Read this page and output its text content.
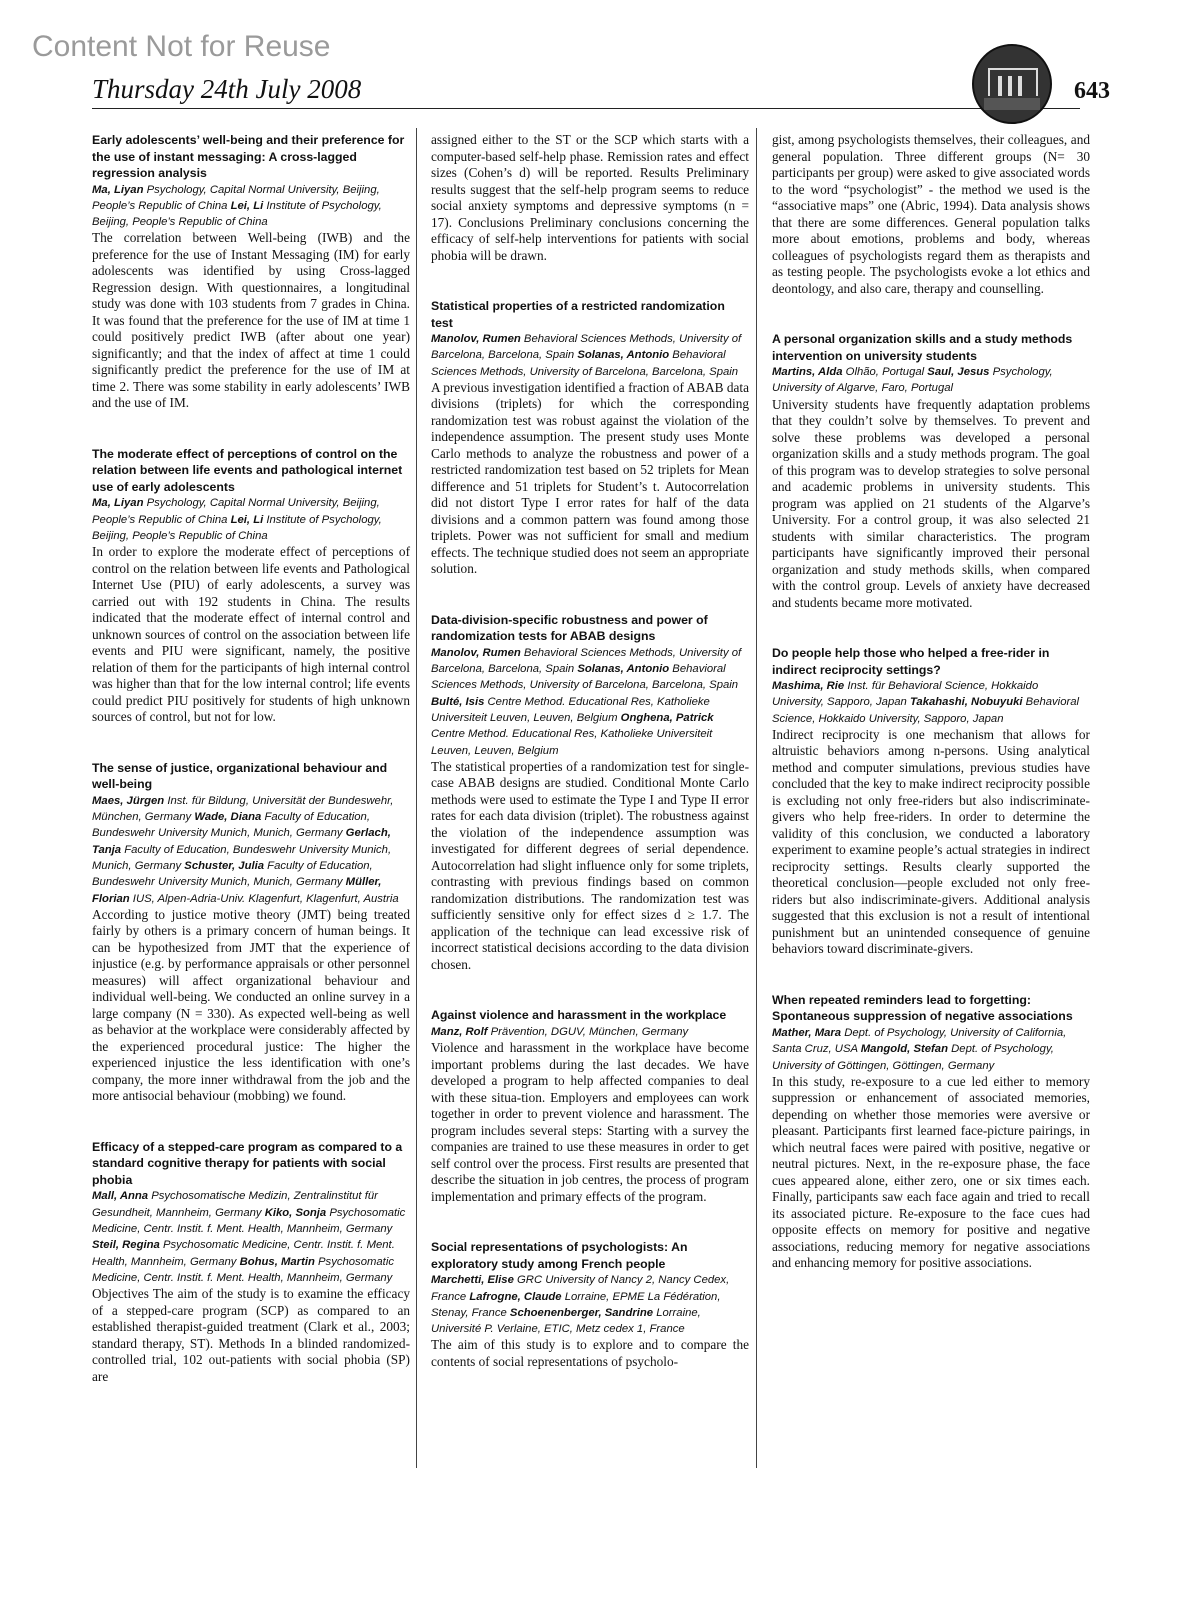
Content Not for Reuse
Thursday 24th July 2008	643

Early adolescents’ well-being and their preference for the use of instant messaging: A cross-lagged regression analysis

Ma, Liyan Psychology, Capital Normal University, Beijing, People’s Republic of China Lei, Li Institute of Psychology, Beijing, People’s Republic of China

The correlation between Well-being (IWB) and the preference for the use of Instant Messaging (IM) for early adolescents was identified by using Cross-lagged Regression design. With questionnaires, a longitudinal study was done with 103 students from 7 grades in China. It was found that the preference for the use of IM at time 1 could positively predict IWB (after about one year) significantly; and that the index of affect at time 1 could significantly predict the preference for the use of IM at time 2. There was some stability in early adolescents’ IWB and the use of IM.

The moderate effect of perceptions of control on the relation between life events and pathological internet use of early adolescents

Ma, Liyan Psychology, Capital Normal University, Beijing, People’s Republic of China Lei, Li Institute of Psychology, Beijing, People’s Republic of China

In order to explore the moderate effect of perceptions of control on the relation between life events and Pathological Internet Use (PIU) of early adolescents, a survey was carried out with 192 students in China. The results indicated that the moderate effect of internal control and unknown sources of control on the association between life events and PIU were significant, namely, the positive relation of them for the participants of high internal control was higher than that for the low internal control; life events could predict PIU positively for students of high unknown sources of control, but not for low.

The sense of justice, organizational behaviour and well-being

Maes, Jürgen Inst. für Bildung, Universität der Bundeswehr, München, Germany Wade, Diana Faculty of Education, Bundeswehr University Munich, Munich, Germany Gerlach, Tanja Faculty of Education, Bundeswehr University Munich, Munich, Germany Schuster, Julia Faculty of Education, Bundeswehr University Munich, Munich, Germany Müller, Florian IUS, Alpen-Adria-Univ. Klagenfurt, Klagenfurt, Austria

According to justice motive theory (JMT) being treated fairly by others is a primary concern of human beings. It can be hypothesized from JMT that the experience of injustice (e.g. by performance appraisals or other personnel measures) will affect organizational behaviour and individual well-being. We conducted an online survey in a large company (N = 330). As expected well-being as well as behavior at the workplace were considerably affected by the experienced procedural justice: The higher the experienced injustice the less identification with one’s company, the more inner withdrawal from the job and the more antisocial behaviour (mobbing) we found.

Efficacy of a stepped-care program as compared to a standard cognitive therapy for patients with social phobia

Mall, Anna Psychosomatische Medizin, Zentralinstitut für Gesundheit, Mannheim, Germany Kiko, Sonja Psychosomatic Medicine, Centr. Instit. f. Ment. Health, Mannheim, Germany Steil, Regina Psychosomatic Medicine, Centr. Instit. f. Ment. Health, Mannheim, Germany Bohus, Martin Psychosomatic Medicine, Centr. Instit. f. Ment. Health, Mannheim, Germany

Objectives The aim of the study is to examine the efficacy of a stepped-care program (SCP) as compared to an established therapist-guided treatment (Clark et al., 2003; standard therapy, ST). Methods In a blinded randomized-controlled trial, 102 out-patients with social phobia (SP) are

assigned either to the ST or the SCP which starts with a computer-based self-help phase. Remission rates and effect sizes (Cohen’s d) will be reported. Results Preliminary results suggest that the self-help program seems to reduce social anxiety symptoms and depressive symptoms (n = 17). Conclusions Preliminary conclusions concerning the efficacy of self-help interventions for patients with social phobia will be drawn.

Statistical properties of a restricted randomization test

Manolov, Rumen Behavioral Sciences Methods, University of Barcelona, Barcelona, Spain Solanas, Antonio Behavioral Sciences Methods, University of Barcelona, Barcelona, Spain

A previous investigation identified a fraction of ABAB data divisions (triplets) for which the corresponding randomization test was robust against the violation of the independence assumption. The present study uses Monte Carlo methods to analyze the robustness and power of a restricted randomization test based on 52 triplets for Mean difference and 51 triplets for Student’s t. Autocorrelation did not distort Type I error rates for half of the data divisions and a common pattern was found among those triplets. Power was not sufficient for small and medium effects. The technique studied does not seem an appropriate solution.

Data-division-specific robustness and power of randomization tests for ABAB designs

Manolov, Rumen Behavioral Sciences Methods, University of Barcelona, Barcelona, Spain Solanas, Antonio Behavioral Sciences Methods, University of Barcelona, Barcelona, Spain Bulté, Isis Centre Method. Educational Res, Katholieke Universiteit Leuven, Leuven, Belgium Onghena, Patrick Centre Method. Educational Res, Katholieke Universiteit Leuven, Leuven, Belgium

The statistical properties of a randomization test for single-case ABAB designs are studied. Conditional Monte Carlo methods were used to estimate the Type I and Type II error rates for each data division (triplet). The robustness against the violation of the independence assumption was investigated for different degrees of serial dependence. Autocorrelation had slight influence only for some triplets, contrasting with previous findings based on common randomization distributions. The randomization test was sufficiently sensitive only for effect sizes d ≥ 1.7. The application of the technique can lead excessive risk of incorrect statistical decisions according to the data division chosen.

Against violence and harassment in the workplace

Manz, Rolf Prävention, DGUV, München, Germany

Violence and harassment in the workplace have become important problems during the last decades. We have developed a program to help affected companies to deal with these situa-tion. Employers and employees can work together in order to prevent violence and harassment. The program includes several steps: Starting with a survey the companies are trained to use these measures in order to get self control over the process. First results are presented that describe the situation in job centres, the process of program implementation and primary effects of the program.

Social representations of psychologists: An exploratory study among French people

Marchetti, Elise GRC University of Nancy 2, Nancy Cedex, France Lafrogne, Claude Lorraine, EPME La Fédération, Stenay, France Schoenenberger, Sandrine Lorraine, Université P. Verlaine, ETIC, Metz cedex 1, France

The aim of this study is to explore and to compare the contents of social representations of psycholo-

gist, among psychologists themselves, their colleagues, and general population. Three different groups (N= 30 participants per group) were asked to give associated words to the word “psychologist” - the method we used is the “associative maps” one (Abric, 1994). Data analysis shows that there are some differences. General population talks more about emotions, problems and body, whereas colleagues of psychologists regard them as therapists and as testing people. The psychologists evoke a lot ethics and deontology, and also care, therapy and counselling.

A personal organization skills and a study methods intervention on university students

Martins, Alda Olhão, Portugal Saul, Jesus Psychology, University of Algarve, Faro, Portugal

University students have frequently adaptation problems that they couldn’t solve by themselves. To prevent and solve these problems was developed a personal organization skills and a study methods program. The goal of this program was to develop strategies to solve personal and academic problems in university students. This program was applied on 21 students of the Algarve’s University. For a control group, it was also selected 21 students with similar characteristics. The program participants have significantly improved their personal organization and study methods skills, when compared with the control group. Levels of anxiety have decreased and students became more motivated.

Do people help those who helped a free-rider in indirect reciprocity settings?

Mashima, Rie Inst. für Behavioral Science, Hokkaido University, Sapporo, Japan Takahashi, Nobuyuki Behavioral Science, Hokkaido University, Sapporo, Japan

Indirect reciprocity is one mechanism that allows for altruistic behaviors among n-persons. Using analytical method and computer simulations, previous studies have concluded that the key to make indirect reciprocity possible is excluding not only free-riders but also indiscriminate-givers who help free-riders. In order to determine the validity of this conclusion, we conducted a laboratory experiment to examine people’s actual strategies in indirect reciprocity settings. Results clearly supported the theoretical conclusion—people excluded not only free-riders but also indiscriminate-givers. Additional analysis suggested that this exclusion is not a result of intentional punishment but an unintended consequence of genuine behaviors toward discriminate-givers.

When repeated reminders lead to forgetting: Spontaneous suppression of negative associations

Mather, Mara Dept. of Psychology, University of California, Santa Cruz, USA Mangold, Stefan Dept. of Psychology, University of Göttingen, Göttingen, Germany

In this study, re-exposure to a cue led either to memory suppression or enhancement of associated memories, depending on whether those memories were aversive or pleasant. Participants first learned face-picture pairings, in which neutral faces were paired with positive, negative or neutral pictures. Next, in the re-exposure phase, the face cues appeared alone, either zero, one or six times each. Finally, participants saw each face again and tried to recall its associated picture. Re-exposure to the face cues had opposite effects on memory for positive and negative associations, reducing memory for negative associations and enhancing memory for positive associations.
